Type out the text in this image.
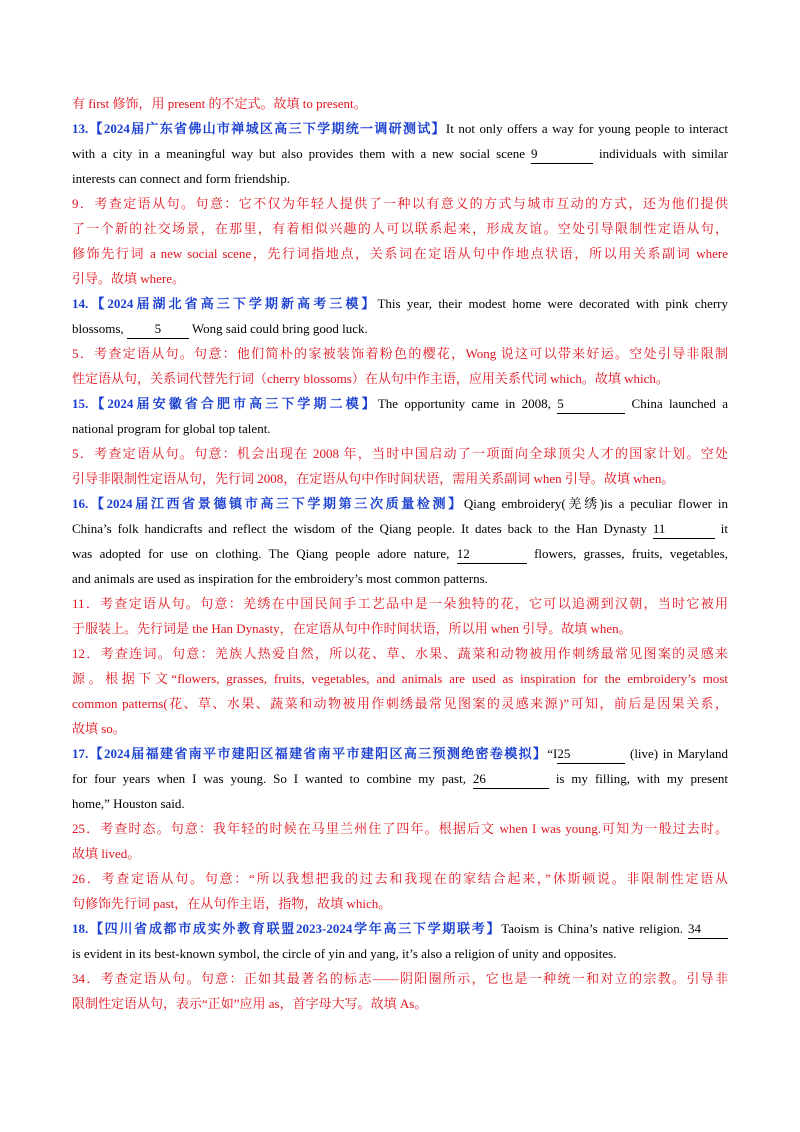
有 first 修饰，用 present 的不定式。故填 to present。
13.【2024届广东省佛山市禅城区高三下学期统一调研测试】It not only offers a way for young people to interact
with a city in a meaningful way but also provides them with a new social scene 9	individuals with similar
interests can connect and form friendship.
9．考查定语从句。句意：它不仅为年轻人提供了一种以有意义的方式与城市互动的方式，还为他们提供
了一个新的社交场景，在那里，有着相似兴趣的人可以联系起来，形成友谊。空处引导限制性定语从句，
修饰先行词 a new social scene，先行词指地点，关系词在定语从句中作地点状语，所以用关系副词 where
引导。故填 where。
14.【2024届湖北省高三下学期新高考三模】This year, their modest home were decorated with pink cherry
blossoms, 5 Wong said could bring good luck.
5．考查定语从句。句意：他们简朴的家被装饰着粉色的樱花，Wong 说这可以带来好运。空处引导非限制
性定语从句，关系词代替先行词（cherry blossoms）在从句中作主语，应用关系代词 which。故填 which。
15.【2024届安徽省合肥市高三下学期二模】The opportunity came in 2008, 5	China launched a
national program for global top talent.
5．考查定语从句。句意：机会出现在 2008 年，当时中国启动了一项面向全球顶尖人才的国家计划。空处
引导非限制性定语从句，先行词 2008，在定语从句中作时间状语，需用关系副词 when 引导。故填 when。
16.【2024届江西省景德镇市高三下学期第三次质量检测】Qiang embroidery(羌绣)is a peculiar flower in
China’s folk handicrafts and reflect the wisdom of the Qiang people. It dates back to the Han Dynasty 11	it
was adopted for use on clothing. The Qiang people adore nature, 12	flowers, grasses, fruits, vegetables,
and animals are used as inspiration for the embroidery’s most common patterns.
11．考查定语从句。句意：羌绣在中国民间手工艺品中是一朵独特的花，它可以追溯到汉朝，当时它被用
于服装上。先行词是 the Han Dynasty，在定语从句中作时间状语，所以用 when 引导。故填 when。
12．考查连词。句意：羌族人热爱自然，所以花、草、水果、蔬菜和动物被用作刺绣最常见图案的灵感来
源。根据下文“flowers, grasses, fruits, vegetables, and animals are used as inspiration for the embroidery’s most
common patterns(花、草、水果、蔬菜和动物被用作刺绣最常见图案的灵感来源)”可知，前后是因果关系，
故填 so。
17.【2024届福建省南平市建阳区福建省南平市建阳区高三预测绝密卷模拟】“I25	(live) in Maryland
for four years when I was young. So I wanted to combine my past, 26	is my filling, with my present
home,” Houston said.
25．考查时态。句意：我年轻的时候在马里兰州住了四年。根据后文 when I was young.可知为一般过去时。
故填 lived。
26．考查定语从句。句意：“所以我想把我的过去和我现在的家结合起来，”休斯顿说。非限制性定语从
句修饰先行词 past，在从句作主语，指物，故填 which。
18.【四川省成都市成实外教育联盟2023-2024学年高三下学期联考】Taoism is China’s native religion. 34
is evident in its best-known symbol, the circle of yin and yang, it’s also a religion of unity and opposites.
34．考查定语从句。句意：正如其最著名的标志——阴阳圈所示，它也是一种统一和对立的宗教。引导非
限制性定语从句，表示“正如”应用 as，首字母大写。故填 As。
